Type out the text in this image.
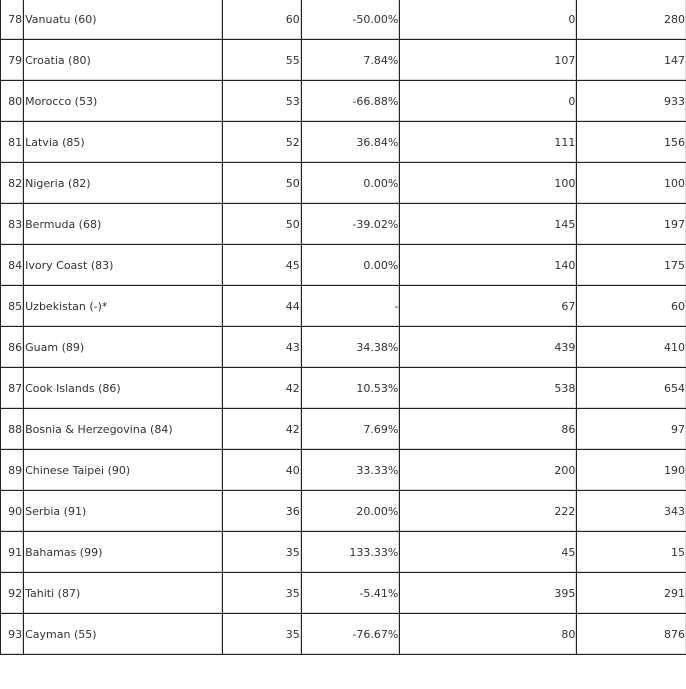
78	Vanuatu (60)	60	-50.00%	0	280
79	Croatia (80)	55	7.84%	107	147
80	Morocco (53)	53	-66.88%	0	933
81	Latvia (85)	52	36.84%	111	156
82	Nigeria (82)	50	0.00%	100	100
83	Bermuda (68)	50	-39.02%	145	197
84	Ivory Coast (83)	45	0.00%	140	175
85	Uzbekistan (-)*	44	-	67	60
86	Guam (89)	43	34.38%	439	410
87	Cook Islands (86)	42	10.53%	538	654
88	Bosnia & Herzegovina (84)	42	7.69%	86	97
89	Chinese Taipei (90)	40	33.33%	200	190
90	Serbia (91)	36	20.00%	222	343
91	Bahamas (99)	35	133.33%	45	15
92	Tahiti (87)	35	-5.41%	395	291
93	Cayman (55)	35	-76.67%	80	876
